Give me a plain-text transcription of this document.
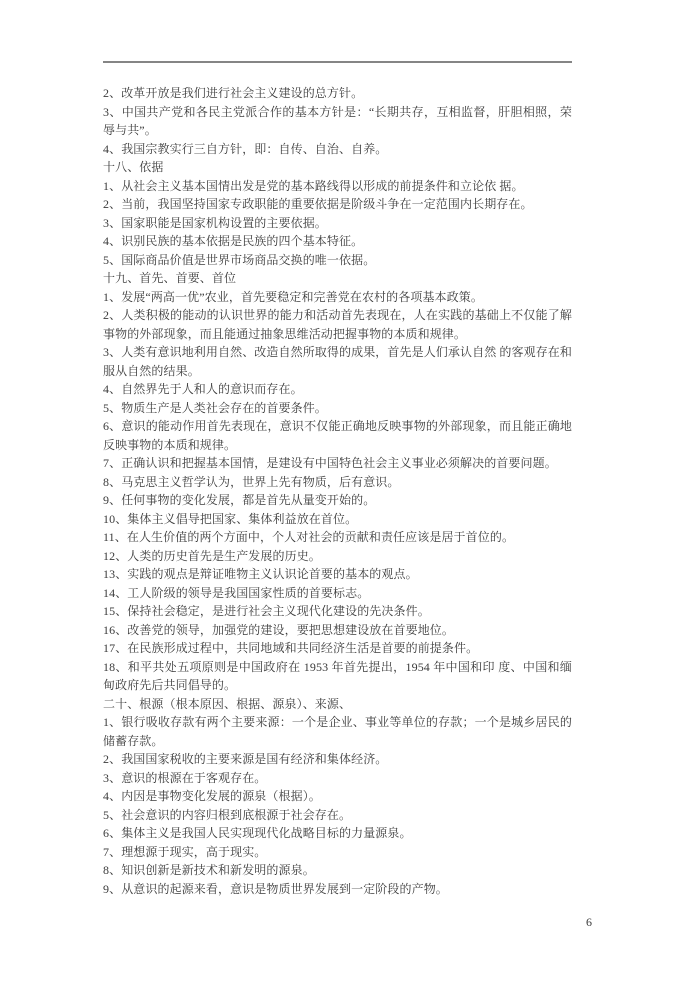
2、改革开放是我们进行社会主义建设的总方针。

3、中国共产党和各民主党派合作的基本方针是：“长期共存，互相监督，肝胆相照，荣辱与共”。

4、我国宗教实行三自方针，即：自传、自治、自养。

十八、依据

1、从社会主义基本国情出发是党的基本路线得以形成的前提条件和立论依 据。

2、当前，我国坚持国家专政职能的重要依据是阶级斗争在一定范围内长期存在。

3、国家职能是国家机构设置的主要依据。

4、识别民族的基本依据是民族的四个基本特征。

5、国际商品价值是世界市场商品交换的唯一依据。

十九、首先、首要、首位

1、发展“两高一优”农业，首先要稳定和完善党在农村的各项基本政策。

2、人类积极的能动的认识世界的能力和活动首先表现在，人在实践的基础上不仅能了解事物的外部现象，而且能通过抽象思维活动把握事物的本质和规律。

3、人类有意识地利用自然、改造自然所取得的成果，首先是人们承认自然 的客观存在和服从自然的结果。

4、自然界先于人和人的意识而存在。

5、物质生产是人类社会存在的首要条件。

6、意识的能动作用首先表现在，意识不仅能正确地反映事物的外部现象，而且能正确地反映事物的本质和规律。

7、正确认识和把握基本国情，是建设有中国特色社会主义事业必须解决的首要问题。

8、马克思主义哲学认为，世界上先有物质，后有意识。

9、任何事物的变化发展，都是首先从量变开始的。

10、集体主义倡导把国家、集体利益放在首位。

11、在人生价值的两个方面中，个人对社会的贡献和责任应该是居于首位的。

12、人类的历史首先是生产发展的历史。

13、实践的观点是辩证唯物主义认识论首要的基本的观点。

14、工人阶级的领导是我国国家性质的首要标志。

15、保持社会稳定，是进行社会主义现代化建设的先决条件。

16、改善党的领导，加强党的建设，要把思想建设放在首要地位。

17、在民族形成过程中，共同地域和共同经济生活是首要的前提条件。

18、和平共处五项原则是中国政府在 1953 年首先提出，1954 年中国和印 度、中国和缅甸政府先后共同倡导的。

二十、根源（根本原因、根据、源泉）、来源、

1、银行吸收存款有两个主要来源：一个是企业、事业等单位的存款；一个是城乡居民的储蓄存款。

2、我国国家税收的主要来源是国有经济和集体经济。

3、意识的根源在于客观存在。

4、内因是事物变化发展的源泉（根据）。

5、社会意识的内容归根到底根源于社会存在。

6、集体主义是我国人民实现现代化战略目标的力量源泉。

7、理想源于现实，高于现实。

8、知识创新是新技术和新发明的源泉。

9、从意识的起源来看，意识是物质世界发展到一定阶段的产物。

6
